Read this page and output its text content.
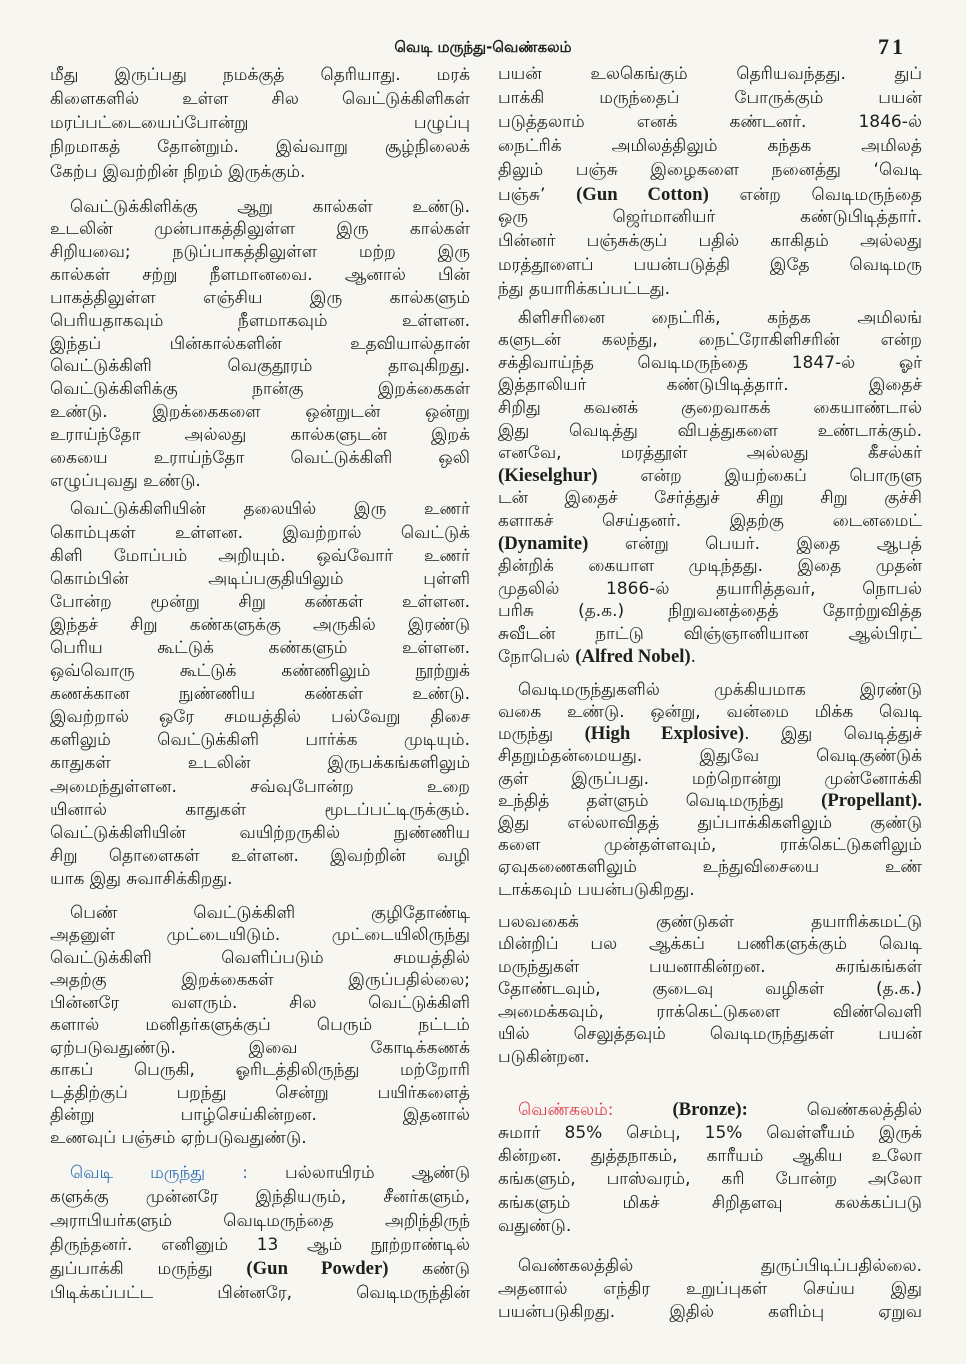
வெடி மருந்து-வெண்கலம்	71
மீது இருப்பது நமக்குத் தெரியாது. மரக்
கிளைகளில் உள்ள சில வெட்டுக்கிளிகள்
மரப்பட்டையைப்போன்று பழுப்பு
நிறமாகத் தோன்றும். இவ்வாறு சூழ்நிலைக்
கேற்ப இவற்றின் நிறம் இருக்கும்.
வெட்டுக்கிளிக்கு ஆறு கால்கள் உண்டு.
உடலின் முன்பாகத்திலுள்ள இரு கால்கள்
சிறியவை; நடுப்பாகத்திலுள்ள மற்ற இரு
கால்கள் சற்று நீளமானவை. ஆனால் பின்
பாகத்திலுள்ள எஞ்சிய இரு கால்களும்
பெரியதாகவும் நீளமாகவும் உள்ளன.
இந்தப் பின்கால்களின் உதவியால்தான்
வெட்டுக்கிளி வெகுதூரம் தாவுகிறது.
வெட்டுக்கிளிக்கு நான்கு இறக்கைகள்
உண்டு. இறக்கைகளை ஒன்றுடன் ஒன்று
உராய்ந்தோ அல்லது கால்களுடன் இறக்
கையை உராய்ந்தோ வெட்டுக்கிளி ஒலி
எழுப்புவது உண்டு.
வெட்டுக்கிளியின் தலையில் இரு உணர்
கொம்புகள் உள்ளன. இவற்றால் வெட்டுக்
கிளி மோப்பம் அறியும். ஒவ்வோர் உணர்
கொம்பின் அடிப்பகுதியிலும் புள்ளி
போன்ற மூன்று சிறு கண்கள் உள்ளன.
இந்தச் சிறு கண்களுக்கு அருகில் இரண்டு
பெரிய கூட்டுக் கண்களும் உள்ளன.
ஒவ்வொரு கூட்டுக் கண்ணிலும் நூற்றுக்
கணக்கான நுண்ணிய கண்கள் உண்டு.
இவற்றால் ஒரே சமயத்தில் பல்வேறு திசை
களிலும் வெட்டுக்கிளி பார்க்க முடியும்.
காதுகள் உடலின் இருபக்கங்களிலும்
அமைந்துள்ளன. சவ்வுபோன்ற உறை
யினால் காதுகள் மூடப்பட்டிருக்கும்.
வெட்டுக்கிளியின் வயிற்றருகில் நுண்ணிய
சிறு தொளைகள் உள்ளன. இவற்றின் வழி
யாக இது சுவாசிக்கிறது.
பெண் வெட்டுக்கிளி குழிதோண்டி
அதனுள் முட்டையிடும். முட்டையிலிருந்து
வெட்டுக்கிளி வெளிப்படும் சமயத்தில்
அதற்கு இறக்கைகள் இருப்பதில்லை;
பின்னரே வளரும். சில வெட்டுக்கிளி
களால் மனிதர்களுக்குப் பெரும் நட்டம்
ஏற்படுவதுண்டு. இவை கோடிக்கணக்
காகப் பெருகி, ஓரிடத்திலிருந்து மற்றோரி
டத்திற்குப் பறந்து சென்று பயிர்களைத்
தின்று பாழ்செய்கின்றன. இதனால்
உணவுப் பஞ்சம் ஏற்படுவதுண்டு.
வெடி மருந்து : பல்லாயிரம் ஆண்டு
களுக்கு முன்னரே இந்தியரும், சீனர்களும்,
அராபியர்களும் வெடிமருந்தை அறிந்திருந்
திருந்தனர். எனினும் 13 ஆம் நூற்றாண்டில்
துப்பாக்கி மருந்து (Gun Powder) கண்டு
பிடிக்கப்பட்ட பின்னரே, வெடிமருந்தின்
பயன் உலகெங்கும் தெரியவந்தது. துப்
பாக்கி மருந்தைப் போருக்கும் பயன்
படுத்தலாம் எனக் கண்டனர். 1846-ல்
நைட்ரிக் அமிலத்திலும் கந்தக அமிலத்
திலும் பஞ்சு இழைகளை நனைத்து ‘வெடி
பஞ்சு’ (Gun Cotton) என்ற வெடிமருந்தை
ஒரு ஜெர்மானியர் கண்டுபிடித்தார்.
பின்னர் பஞ்சுக்குப் பதில் காகிதம் அல்லது
மரத்தூளைப் பயன்படுத்தி இதே வெடிமரு
ந்து தயாரிக்கப்பட்டது.
கிளிசரினை நைட்ரிக், கந்தக அமிலங்
களுடன் கலந்து, நைட்ரோகிளிசரின் என்ற
சக்திவாய்ந்த வெடிமருந்தை 1847-ல் ஓர்
இத்தாலியர் கண்டுபிடித்தார். இதைச்
சிறிது கவனக் குறைவாகக் கையாண்டால்
இது வெடித்து விபத்துகளை உண்டாக்கும்.
எனவே, மரத்தூள் அல்லது கீசல்கர்
(Kieselghur) என்ற இயற்கைப் பொருளு
டன் இதைச் சேர்த்துச் சிறு சிறு குச்சி
களாகச் செய்தனர். இதற்கு டைனமைட்
(Dynamite) என்று பெயர். இதை ஆபத்
தின்றிக் கையாள முடிந்தது. இதை முதன்
முதலில் 1866-ல் தயாரித்தவர், நொபல்
பரிசு (த.க.) நிறுவனத்தைத் தோற்றுவித்த
சுவீடன் நாட்டு விஞ்ஞானியான ஆல்பிரட்
நோபெல் (Alfred Nobel).
வெடிமருந்துகளில் முக்கியமாக இரண்டு
வகை உண்டு. ஒன்று, வன்மை மிக்க வெடி
மருந்து (High Explosive). இது வெடித்துச்
சிதறும்தன்மையது. இதுவே வெடிகுண்டுக்
குள் இருப்பது. மற்றொன்று முன்னோக்கி
உந்தித் தள்ளும் வெடிமருந்து (Propellant).
இது எல்லாவிதத் துப்பாக்கிகளிலும் குண்டு
களை முன்தள்ளவும், ராக்கெட்டுகளிலும்
ஏவுகணைகளிலும் உந்துவிசையை உண்
டாக்கவும் பயன்படுகிறது.
பலவகைக் குண்டுகள் தயாரிக்கமட்டு
மின்றிப் பல ஆக்கப் பணிகளுக்கும் வெடி
மருந்துகள் பயனாகின்றன. சுரங்கங்கள்
தோண்டவும், குடைவு வழிகள் (த.க.)
அமைக்கவும், ராக்கெட்டுகளை விண்வெளி
யில் செலுத்தவும் வெடிமருந்துகள் பயன்
படுகின்றன.
வெண்கலம்:	(Bronze): வெண்கலத்தில்
சுமார் 85% செம்பு, 15% வெள்ளீயம் இருக்
கின்றன. துத்தநாகம், காரீயம் ஆகிய உலோ
கங்களும், பாஸ்வரம், கரி போன்ற அலோ
கங்களும் மிகச் சிறிதளவு கலக்கப்படு
வதுண்டு.
வெண்கலத்தில் துருப்பிடிப்பதில்லை.
அதனால் எந்திர உறுப்புகள் செய்ய இது
பயன்படுகிறது. இதில் களிம்பு ஏறுவ
